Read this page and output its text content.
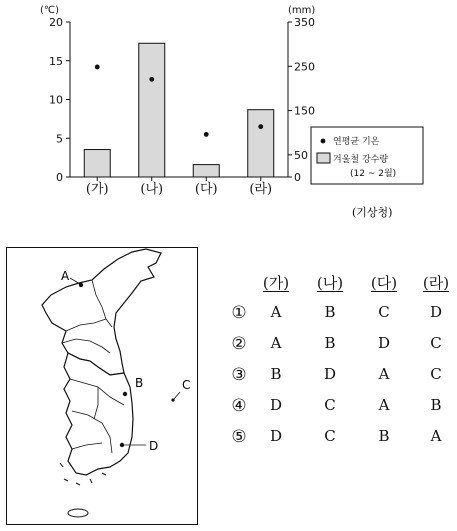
(℃)	(mm)
20
15
10
5
0
350
250
150
50
0
(가) (나) (다) (라)
연평균 기온
겨울철 강수량
(12 ~ 2월)
(기상청)
A
B	C
D
(가)	(나)	(다)	(라)
①	A	B	C	D
②	A	B	D	C
③	B	D	A	C
④	D	C	A	B
⑤	D	C	B	A
